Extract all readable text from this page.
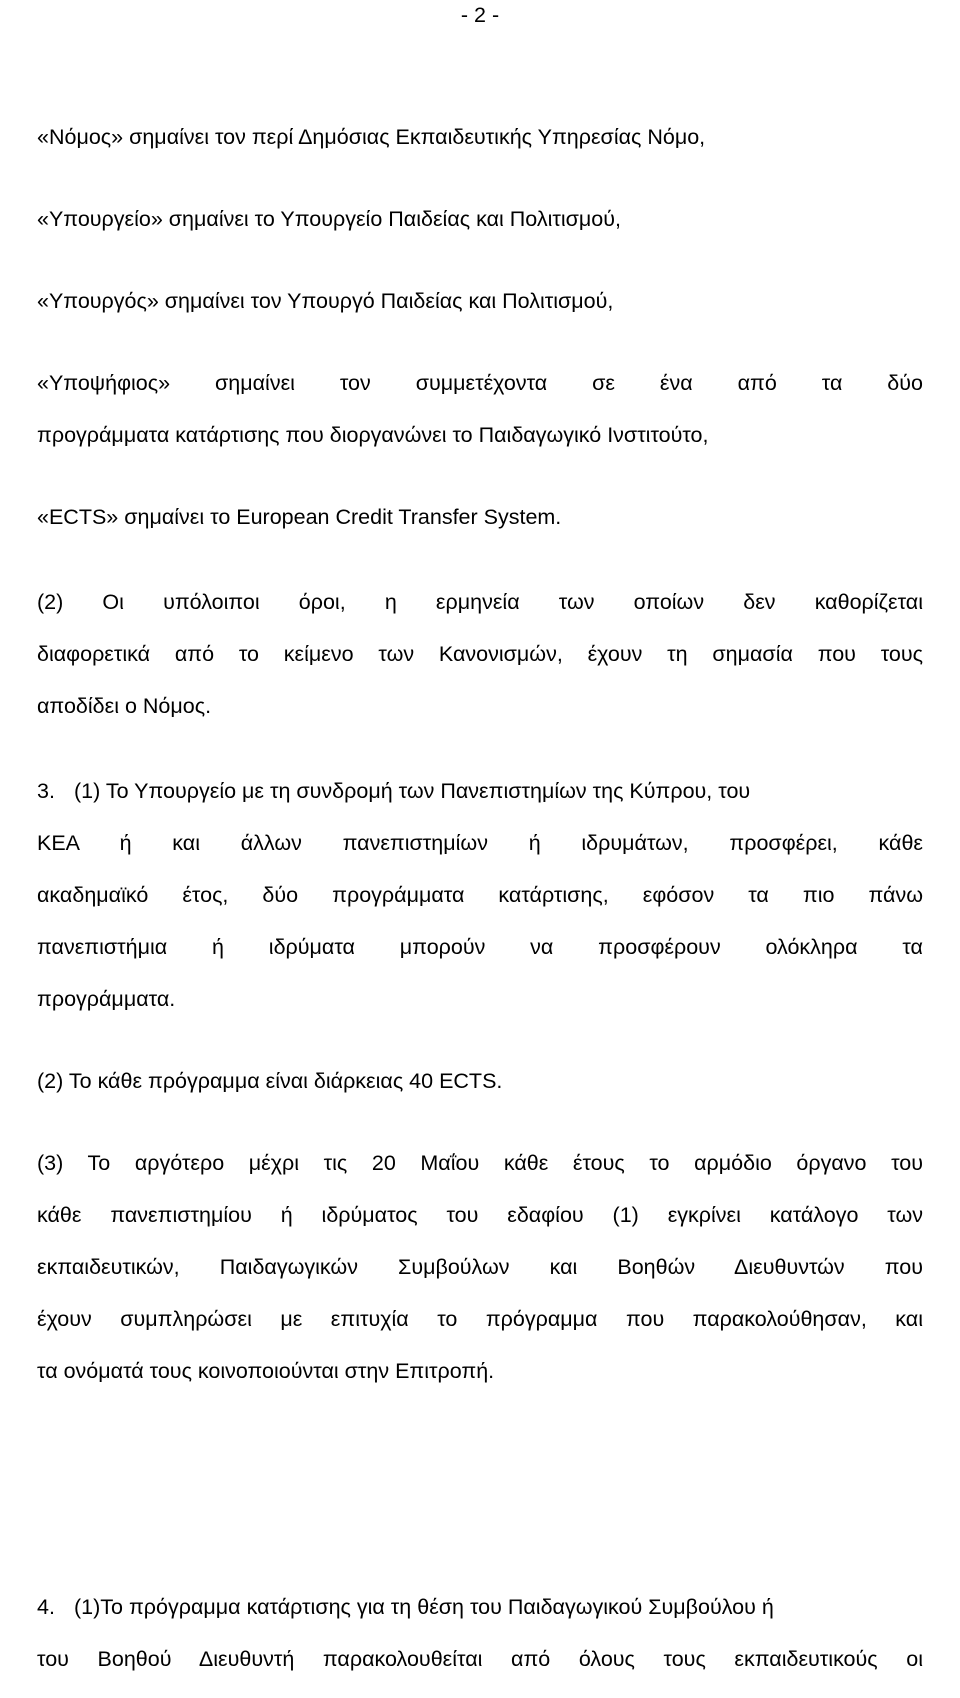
- 2 -
«Νόμος» σημαίνει τον περί Δημόσιας Εκπαιδευτικής Υπηρεσίας Νόμο,
«Υπουργείο» σημαίνει το Υπουργείο Παιδείας και Πολιτισμού,
«Υπουργός» σημαίνει τον Υπουργό Παιδείας και Πολιτισμού,
«Υποψήφιος» σημαίνει τον συμμετέχοντα σε ένα από τα δύο
προγράμματα κατάρτισης που διοργανώνει το Παιδαγωγικό Ινστιτούτο,
«ECTS» σημαίνει το European Credit Transfer System.
(2) Οι υπόλοιποι όροι, η ερμηνεία των οποίων δεν καθορίζεται
διαφορετικά από το κείμενο των Κανονισμών, έχουν τη σημασία που τους
αποδίδει ο Νόμος.
3. (1) Το Υπουργείο με τη συνδρομή των Πανεπιστημίων της Κύπρου, του
ΚΕΑ ή και άλλων πανεπιστημίων ή ιδρυμάτων, προσφέρει, κάθε
ακαδημαϊκό έτος, δύο προγράμματα κατάρτισης, εφόσον τα πιο πάνω
πανεπιστήμια ή ιδρύματα μπορούν να προσφέρουν ολόκληρα τα
προγράμματα.
(2) Το κάθε πρόγραμμα είναι διάρκειας 40 ECTS.
(3) Το αργότερο μέχρι τις 20 Μαΐου κάθε έτους το αρμόδιο όργανο του
κάθε πανεπιστημίου ή ιδρύματος του εδαφίου (1) εγκρίνει κατάλογο των
εκπαιδευτικών, Παιδαγωγικών Συμβούλων και Βοηθών Διευθυντών που
έχουν συμπληρώσει με επιτυχία το πρόγραμμα που παρακολούθησαν, και
τα ονόματά τους κοινοποιούνται στην Επιτροπή.
4. (1)Το πρόγραμμα κατάρτισης για τη θέση του Παιδαγωγικού Συμβούλου ή
του Βοηθού Διευθυντή παρακολουθείται από όλους τους εκπαιδευτικούς οι
